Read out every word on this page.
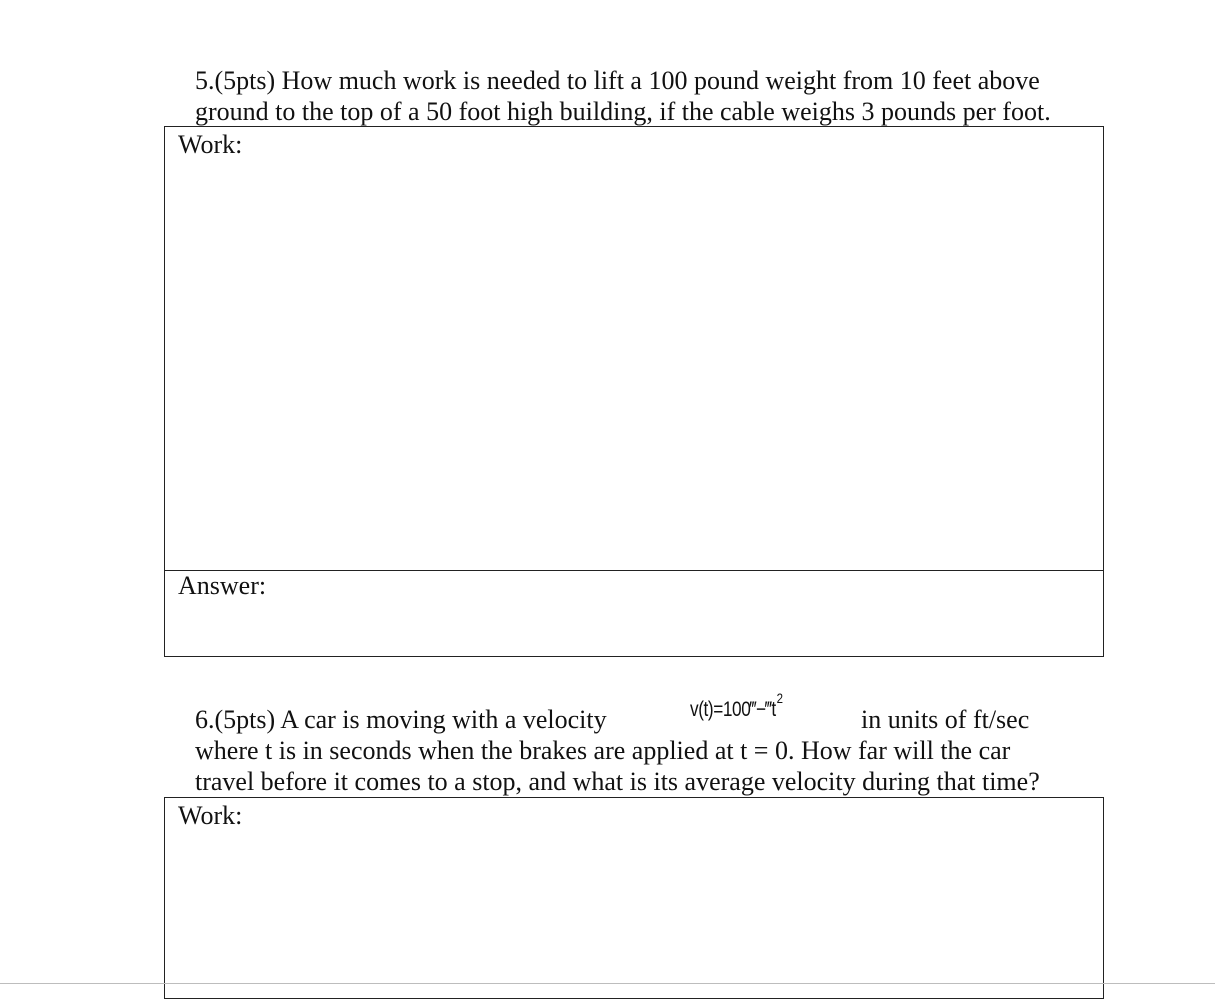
5.(5pts) How much work is needed to lift a 100 pound weight from 10 feet above
ground to the top of a 50 foot high building, if the cable weighs 3 pounds per foot.
Work:
Answer:
6.(5pts) A car is moving with a velocity	$v(t)=100‴-‴t^2$
in units of ft/sec
where t is in seconds when the brakes are applied at t = 0. How far will the car
travel before it comes to a stop, and what is its average velocity during that time?
Work:
